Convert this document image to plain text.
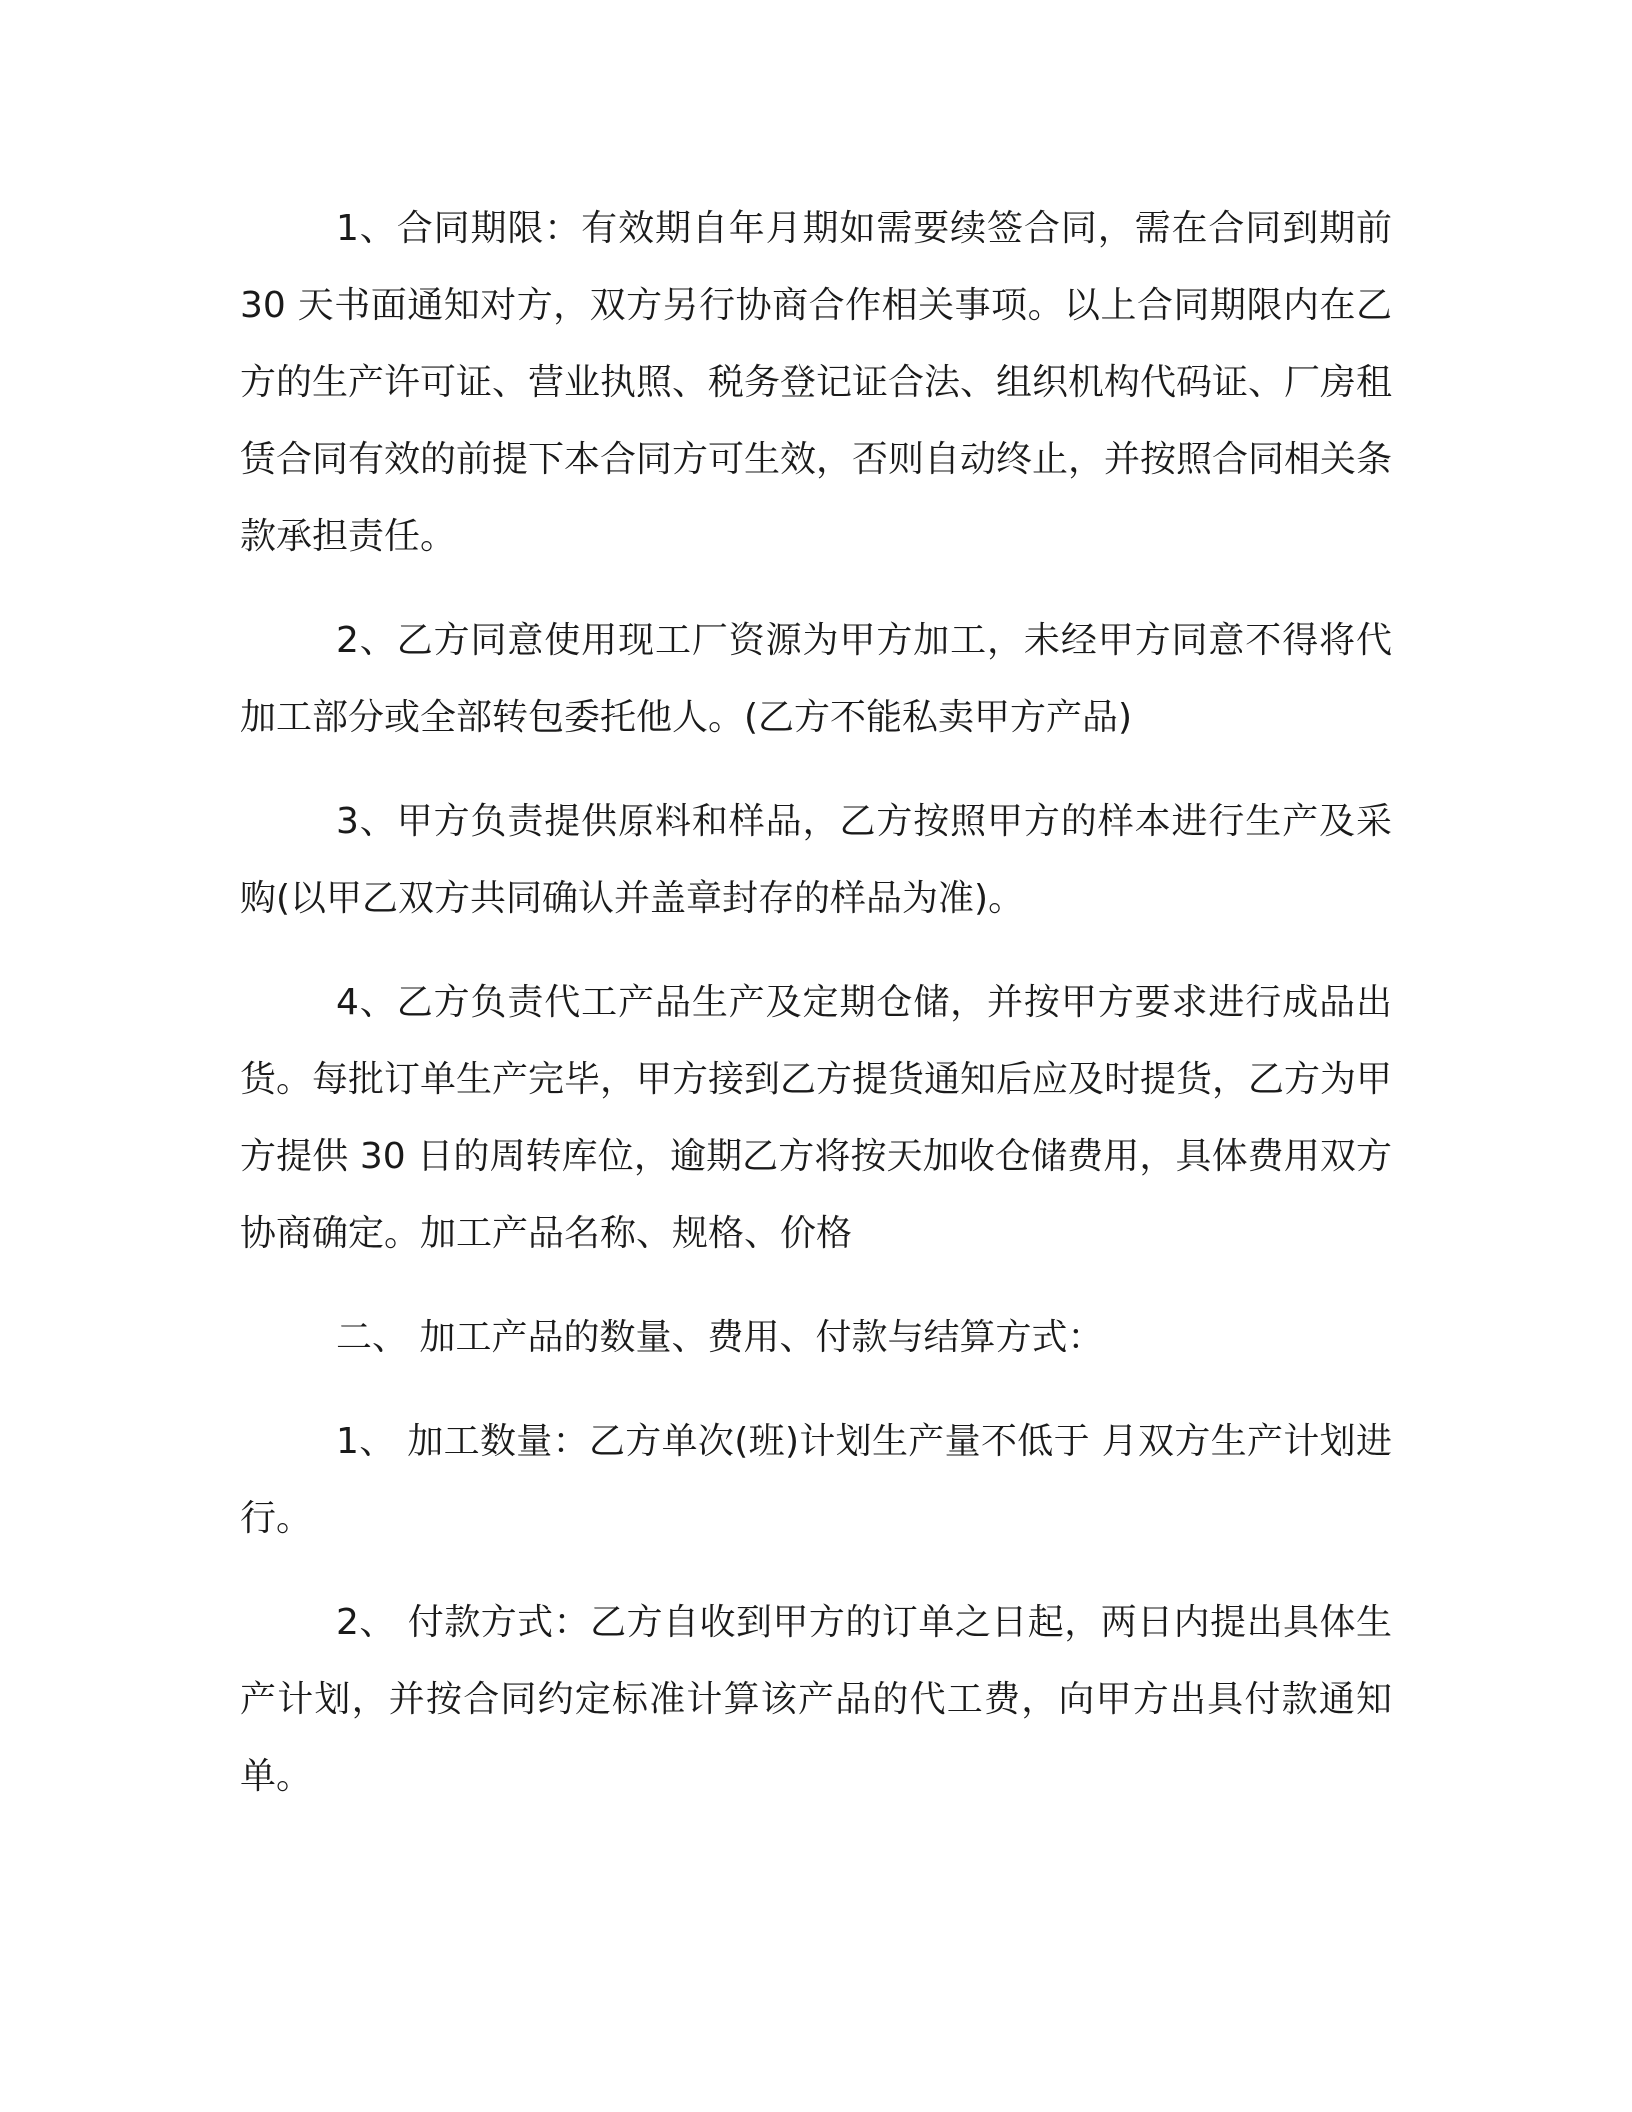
1、合同期限：有效期自年月期如需要续签合同，需在合同到期前 30 天书面通知对方，双方另行协商合作相关事项。以上合同期限内在乙方的生产许可证、营业执照、税务登记证合法、组织机构代码证、厂房租赁合同有效的前提下本合同方可生效，否则自动终止，并按照合同相关条款承担责任。

2、乙方同意使用现工厂资源为甲方加工，未经甲方同意不得将代加工部分或全部转包委托他人。(乙方不能私卖甲方产品)

3、甲方负责提供原料和样品，乙方按照甲方的样本进行生产及采购(以甲乙双方共同确认并盖章封存的样品为准)。

4、乙方负责代工产品生产及定期仓储，并按甲方要求进行成品出货。每批订单生产完毕，甲方接到乙方提货通知后应及时提货，乙方为甲方提供 30 日的周转库位，逾期乙方将按天加收仓储费用，具体费用双方协商确定。加工产品名称、规格、价格

二、 加工产品的数量、费用、付款与结算方式：

1、 加工数量：乙方单次(班)计划生产量不低于 月双方生产计划进行。

2、 付款方式：乙方自收到甲方的订单之日起，两日内提出具体生产计划，并按合同约定标准计算该产品的代工费，向甲方出具付款通知单。
